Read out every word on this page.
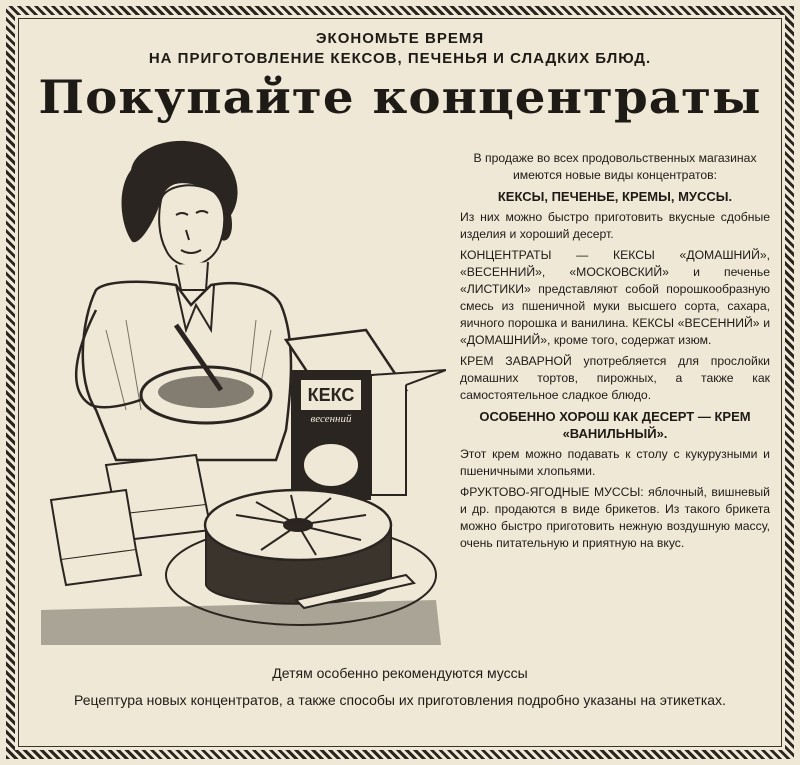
ЭКОНОМЬТЕ ВРЕМЯ
НА ПРИГОТОВЛЕНИЕ КЕКСОВ, ПЕЧЕНЬЯ И СЛАДКИХ БЛЮД.
Покупайте концентраты
КЕКС
весенний

В продаже во всех продовольственных магазинах имеются новые виды концентратов:

КЕКСЫ, ПЕЧЕНЬЕ, КРЕМЫ, МУССЫ.

Из них можно быстро приготовить вкусные сдобные изделия и хороший десерт.

КОНЦЕНТРАТЫ — КЕКСЫ «ДОМАШНИЙ», «ВЕСЕННИЙ», «МОСКОВСКИЙ» и печенье «ЛИСТИКИ» представляют собой порошкообразную смесь из пшеничной муки высшего сорта, сахара, яичного порошка и ванилина. КЕКСЫ «ВЕСЕННИЙ» и «ДОМАШНИЙ», кроме того, содержат изюм.

КРЕМ ЗАВАРНОЙ употребляется для прослойки домашних тортов, пирожных, а также как самостоятельное сладкое блюдо.

ОСОБЕННО ХОРОШ КАК ДЕСЕРТ — КРЕМ «ВАНИЛЬНЫЙ».

Этот крем можно подавать к столу с кукурузными и пшеничными хлопьями.

ФРУКТОВО-ЯГОДНЫЕ МУССЫ: яблочный, вишневый и др. продаются в виде брикетов. Из такого брикета можно быстро приготовить нежную воздушную массу, очень питательную и приятную на вкус.

Детям особенно рекомендуются муссы
Рецептура новых концентратов, а также способы их приготовления подробно указаны на этикетках.
